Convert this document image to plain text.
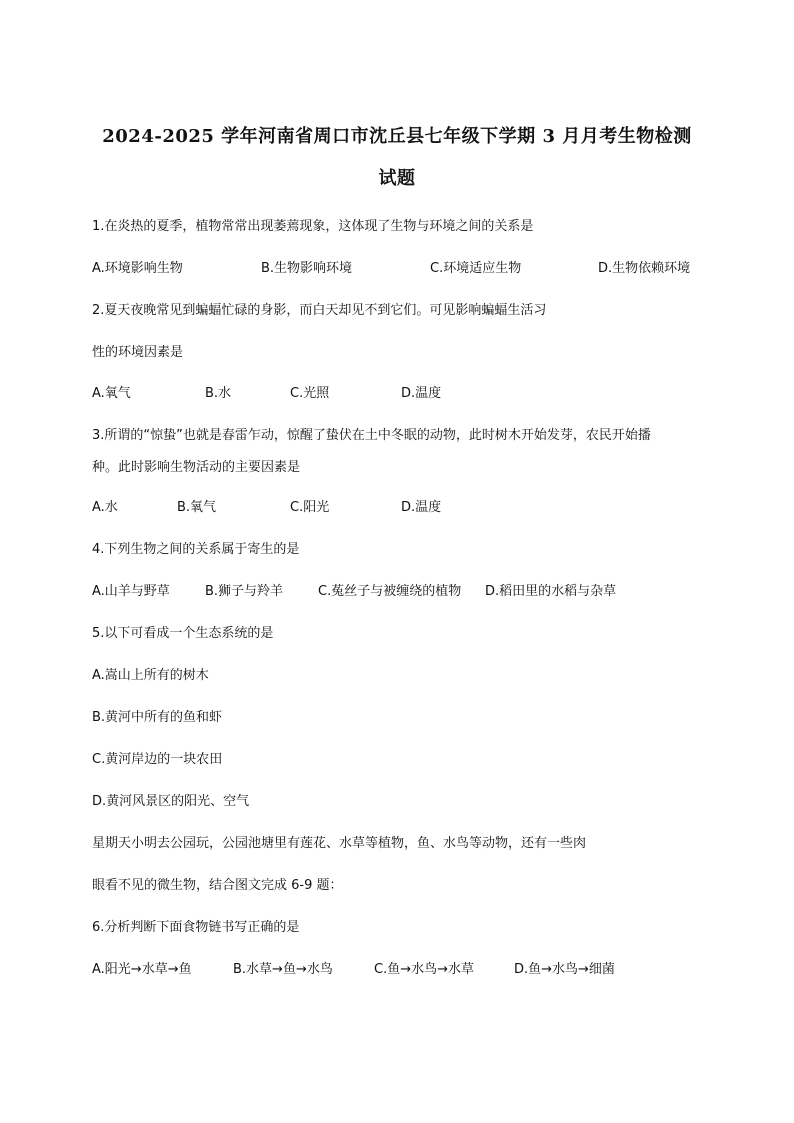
2024-2025 学年河南省周口市沈丘县七年级下学期 3 月月考生物检测
试题
1.在炎热的夏季，植物常常出现萎蔫现象，这体现了生物与环境之间的关系是
A.环境影响生物	B.生物影响环境	C.环境适应生物	D.生物依赖环境
2.夏天夜晚常见到蝙蝠忙碌的身影，而白天却见不到它们。可见影响蝙蝠生活习
性的环境因素是
A.氧气	B.水	C.光照	D.温度
3.所谓的“惊蛰”也就是春雷乍动，惊醒了蛰伏在土中冬眠的动物，此时树木开始发芽，农民开始播
种。此时影响生物活动的主要因素是
A.水	B.氧气	C.阳光	D.温度
4.下列生物之间的关系属于寄生的是
A.山羊与野草	B.狮子与羚羊	C.菟丝子与被缠绕的植物 D.稻田里的水稻与杂草
5.以下可看成一个生态系统的是
A.嵩山上所有的树木
B.黄河中所有的鱼和虾
C.黄河岸边的一块农田
D.黄河风景区的阳光、空气
星期天小明去公园玩，公园池塘里有莲花、水草等植物，鱼、水鸟等动物，还有一些肉
眼看不见的微生物，结合图文完成 6-9 题：
6.分析判断下面食物链书写正确的是
A.阳光→水草→鱼	B.水草→鱼→水鸟	C.鱼→水鸟→水草	D.鱼→水鸟→细菌
